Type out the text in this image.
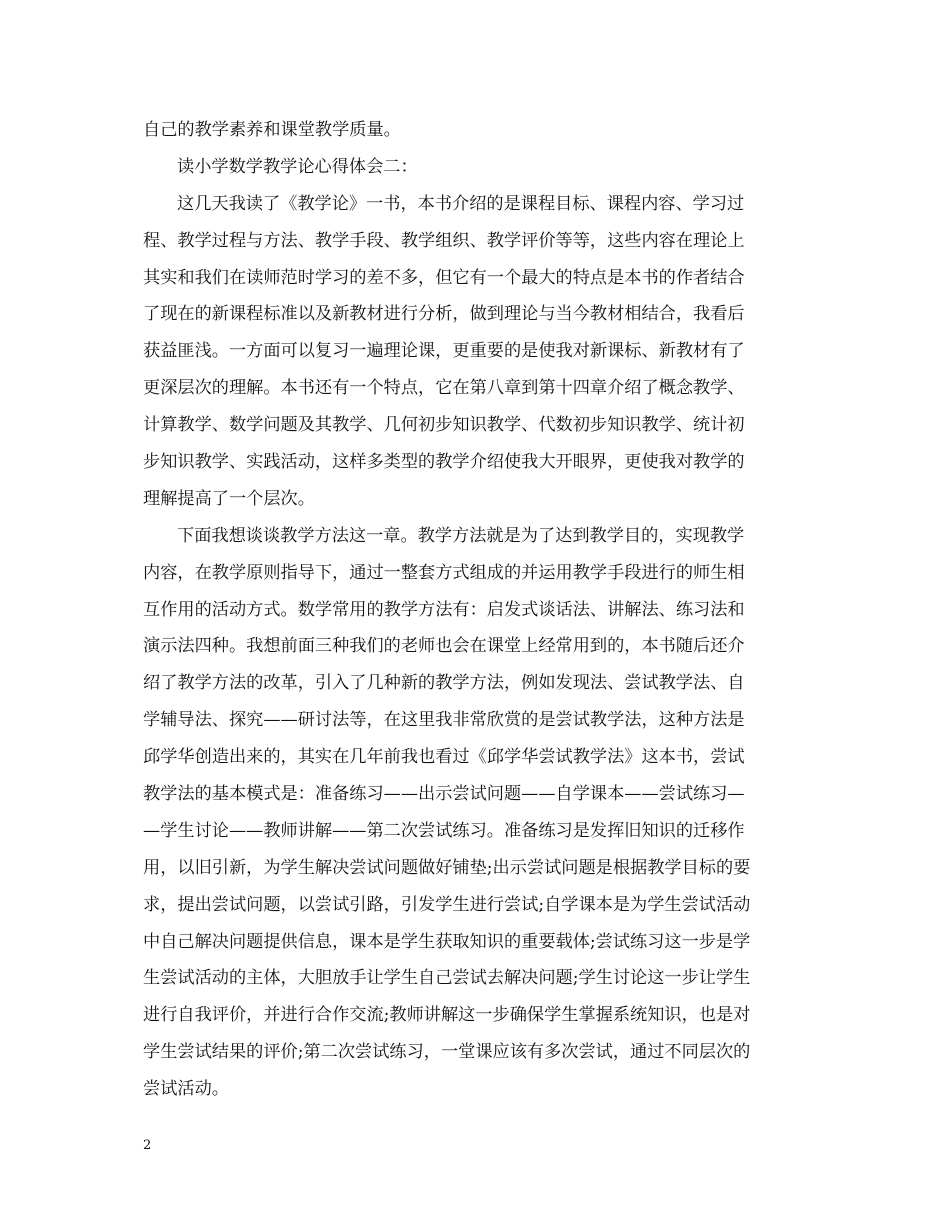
自己的教学素养和课堂教学质量。
读小学数学教学论心得体会二：
这几天我读了《教学论》一书，本书介绍的是课程目标、课程内容、学习过
程、教学过程与方法、教学手段、教学组织、教学评价等等，这些内容在理论上
其实和我们在读师范时学习的差不多，但它有一个最大的特点是本书的作者结合
了现在的新课程标准以及新教材进行分析，做到理论与当今教材相结合，我看后
获益匪浅。一方面可以复习一遍理论课，更重要的是使我对新课标、新教材有了
更深层次的理解。本书还有一个特点，它在第八章到第十四章介绍了概念教学、
计算教学、数学问题及其教学、几何初步知识教学、代数初步知识教学、统计初
步知识教学、实践活动，这样多类型的教学介绍使我大开眼界，更使我对教学的
理解提高了一个层次。
下面我想谈谈教学方法这一章。教学方法就是为了达到教学目的，实现教学
内容，在教学原则指导下，通过一整套方式组成的并运用教学手段进行的师生相
互作用的活动方式。数学常用的教学方法有：启发式谈话法、讲解法、练习法和
演示法四种。我想前面三种我们的老师也会在课堂上经常用到的，本书随后还介
绍了教学方法的改革，引入了几种新的教学方法，例如发现法、尝试教学法、自
学辅导法、探究——研讨法等，在这里我非常欣赏的是尝试教学法，这种方法是
邱学华创造出来的，其实在几年前我也看过《邱学华尝试教学法》这本书，尝试
教学法的基本模式是：准备练习——出示尝试问题——自学课本——尝试练习—
—学生讨论——教师讲解——第二次尝试练习。准备练习是发挥旧知识的迁移作
用，以旧引新，为学生解决尝试问题做好铺垫;出示尝试问题是根据教学目标的要
求，提出尝试问题，以尝试引路，引发学生进行尝试;自学课本是为学生尝试活动
中自己解决问题提供信息，课本是学生获取知识的重要载体;尝试练习这一步是学
生尝试活动的主体，大胆放手让学生自己尝试去解决问题;学生讨论这一步让学生
进行自我评价，并进行合作交流;教师讲解这一步确保学生掌握系统知识，也是对
学生尝试结果的评价;第二次尝试练习，一堂课应该有多次尝试，通过不同层次的
尝试活动。
2
